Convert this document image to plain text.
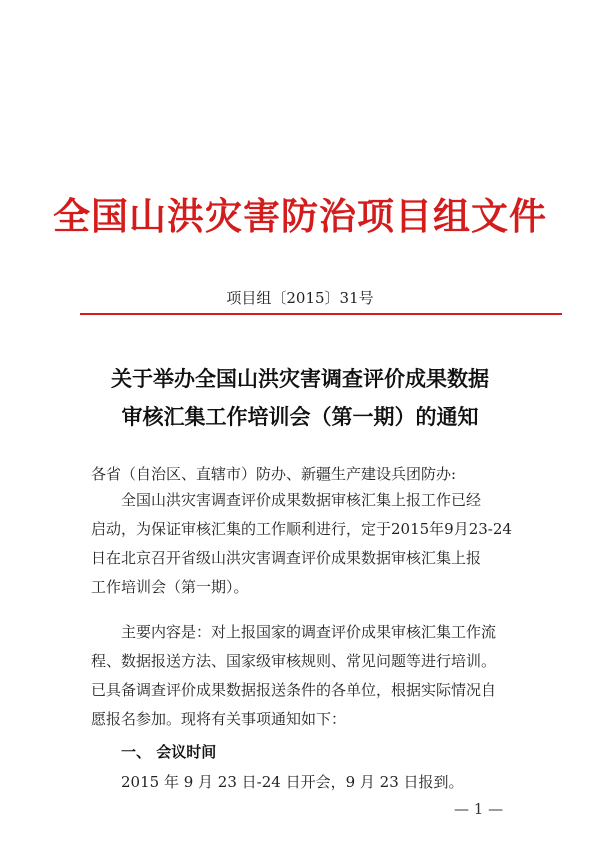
全国山洪灾害防治项目组文件
项目组〔2015〕31号
关于举办全国山洪灾害调查评价成果数据
审核汇集工作培训会（第一期）的通知
各省（自治区、直辖市）防办、新疆生产建设兵团防办:
全国山洪灾害调查评价成果数据审核汇集上报工作已经
启动，为保证审核汇集的工作顺利进行，定于2015年9月23-24
日在北京召开省级山洪灾害调查评价成果数据审核汇集上报
工作培训会（第一期）。
主要内容是：对上报国家的调查评价成果审核汇集工作流
程、数据报送方法、国家级审核规则、常见问题等进行培训。
已具备调查评价成果数据报送条件的各单位，根据实际情况自
愿报名参加。现将有关事项通知如下：
一、 会议时间
2015 年 9 月 23 日-24 日开会，9 月 23 日报到。
— 1 —
